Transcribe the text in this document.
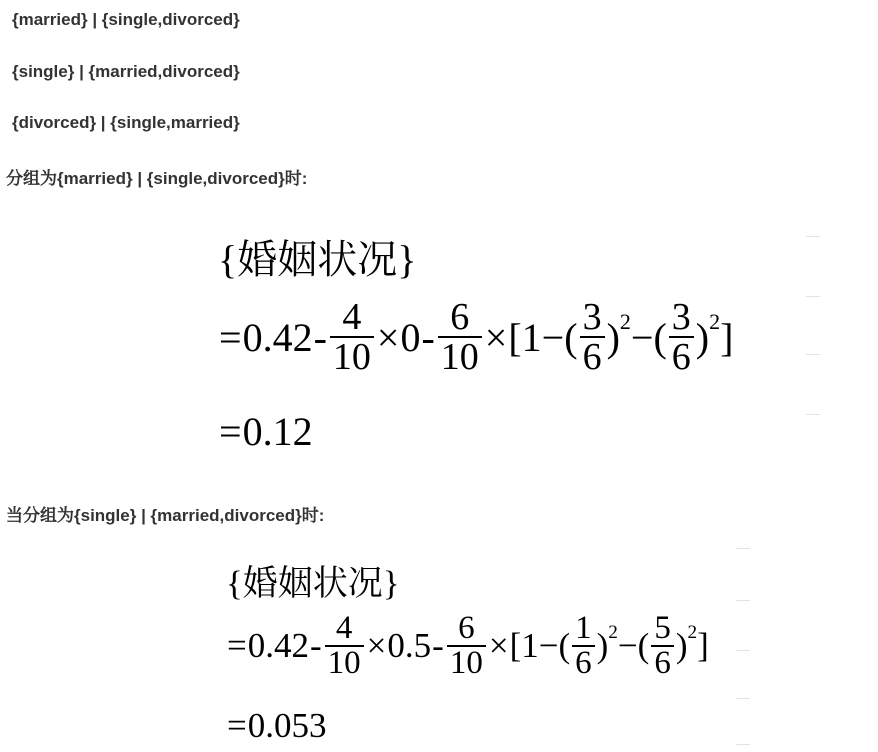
{married} | {single,divorced}
{single} | {married,divorced}
{divorced} | {single,married}
分组为{married} | {single,divorced}时:
{婚姻状况}
= $0.42 - \frac{4}{10} \times 0 - \frac{6}{10} \times [1$ −( $\frac{3}{6}$ ) 2 −( $\frac{3}{6}$ ) 2 ]
= 0.12
当分组为{single} | {married,divorced}时:
{婚姻状况}
= $0.42 - \frac{4}{10} \times 0.5 - \frac{6}{10} \times [1$ −( $\frac{1}{6}$ ) 2 −( $\frac{5}{6}$ ) 2 ]
= 0.053
